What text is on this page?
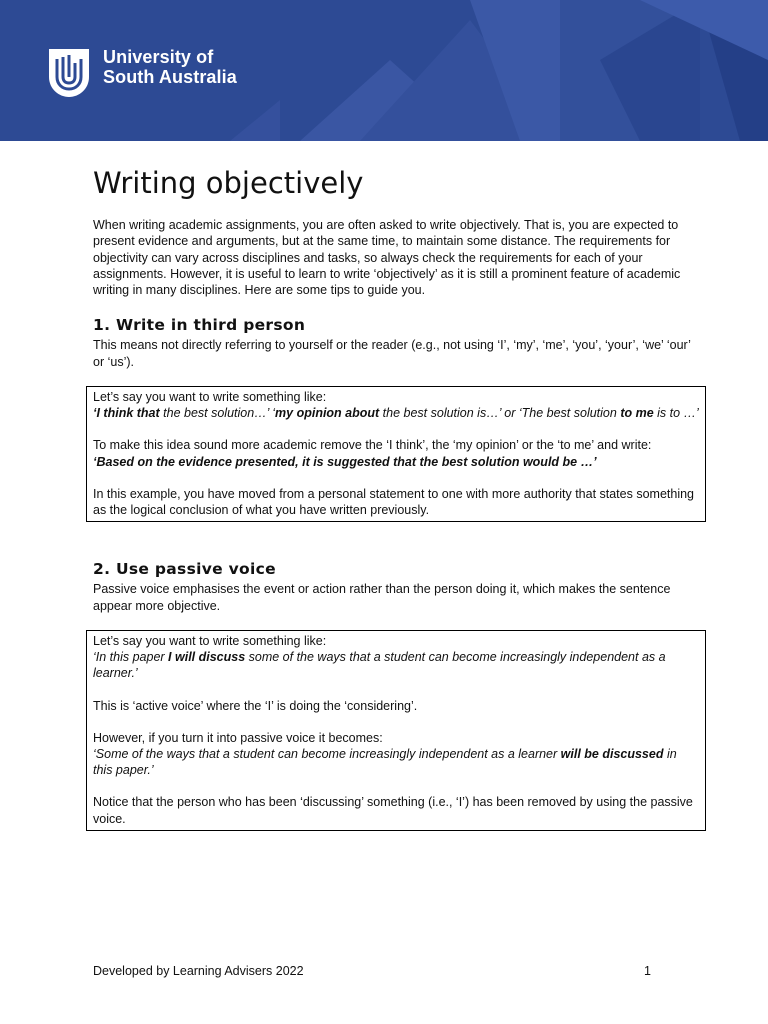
University of
South Australia
Writing objectively

When writing academic assignments, you are often asked to write objectively. That is, you are expected to present evidence and arguments, but at the same time, to maintain some distance. The requirements for objectivity can vary across disciplines and tasks, so always check the requirements for each of your assignments. However, it is useful to learn to write ‘objectively’ as it is still a prominent feature of academic writing in many disciplines. Here are some tips to guide you.

1. Write in third person

This means not directly referring to yourself or the reader (e.g., not using ‘I’, ‘my’, ‘me’, ‘you’, ‘your’, ‘we’ ‘our’ or ‘us’).

Let’s say you want to write something like:

‘I think that the best solution…’ ‘my opinion about the best solution is…’ or ‘The best solution to me is to …’

To make this idea sound more academic remove the ‘I think’, the ‘my opinion’ or the ‘to me’ and write:

‘Based on the evidence presented, it is suggested that the best solution would be …’

In this example, you have moved from a personal statement to one with more authority that states something as the logical conclusion of what you have written previously.

2. Use passive voice

Passive voice emphasises the event or action rather than the person doing it, which makes the sentence appear more objective.

Let’s say you want to write something like:

‘In this paper I will discuss some of the ways that a student can become increasingly independent as a learner.’

This is ‘active voice’ where the ‘I’ is doing the ‘considering’.

However, if you turn it into passive voice it becomes:

‘Some of the ways that a student can become increasingly independent as a learner will be discussed in this paper.’

Notice that the person who has been ‘discussing’ something (i.e., ‘I’) has been removed by using the passive voice.

Developed by Learning Advisers 2022	1
